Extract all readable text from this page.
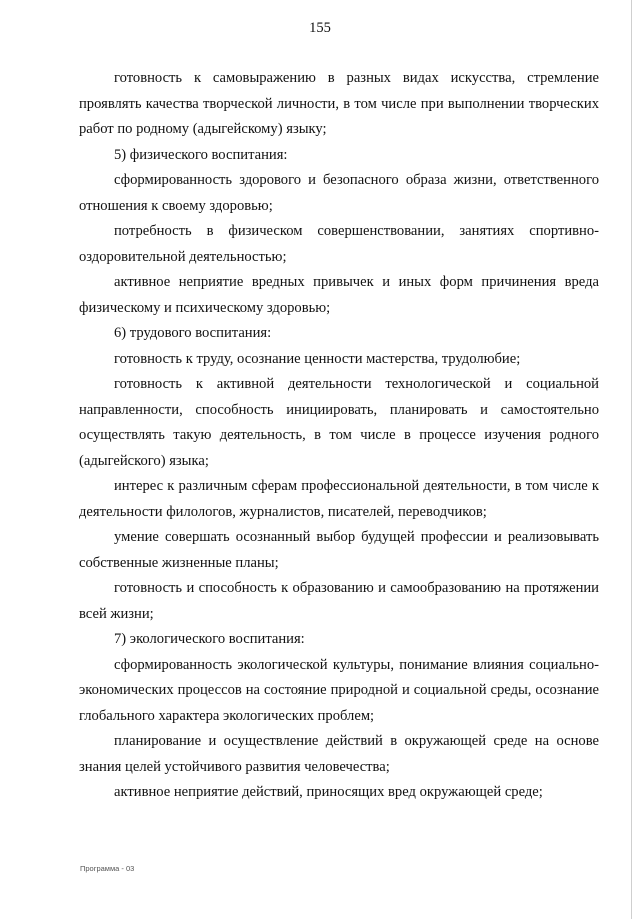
155

готовность к самовыражению в разных видах искусства, стремление проявлять качества творческой личности, в том числе при выполнении творческих работ по родному (адыгейскому) языку;

5) физического воспитания:

сформированность здорового и безопасного образа жизни, ответственного отношения к своему здоровью;

потребность в физическом совершенствовании, занятиях спортивно-оздоровительной деятельностью;

активное неприятие вредных привычек и иных форм причинения вреда физическому и психическому здоровью;

6) трудового воспитания:

готовность к труду, осознание ценности мастерства, трудолюбие;

готовность к активной деятельности технологической и социальной направленности, способность инициировать, планировать и самостоятельно осуществлять такую деятельность, в том числе в процессе изучения родного (адыгейского) языка;

интерес к различным сферам профессиональной деятельности, в том числе к деятельности филологов, журналистов, писателей, переводчиков;

умение совершать осознанный выбор будущей профессии и реализовывать собственные жизненные планы;

готовность и способность к образованию и самообразованию на протяжении всей жизни;

7) экологического воспитания:

сформированность экологической культуры, понимание влияния социально-экономических процессов на состояние природной и социальной среды, осознание глобального характера экологических проблем;

планирование и осуществление действий в окружающей среде на основе знания целей устойчивого развития человечества;

активное неприятие действий, приносящих вред окружающей среде;

Программа - 03
